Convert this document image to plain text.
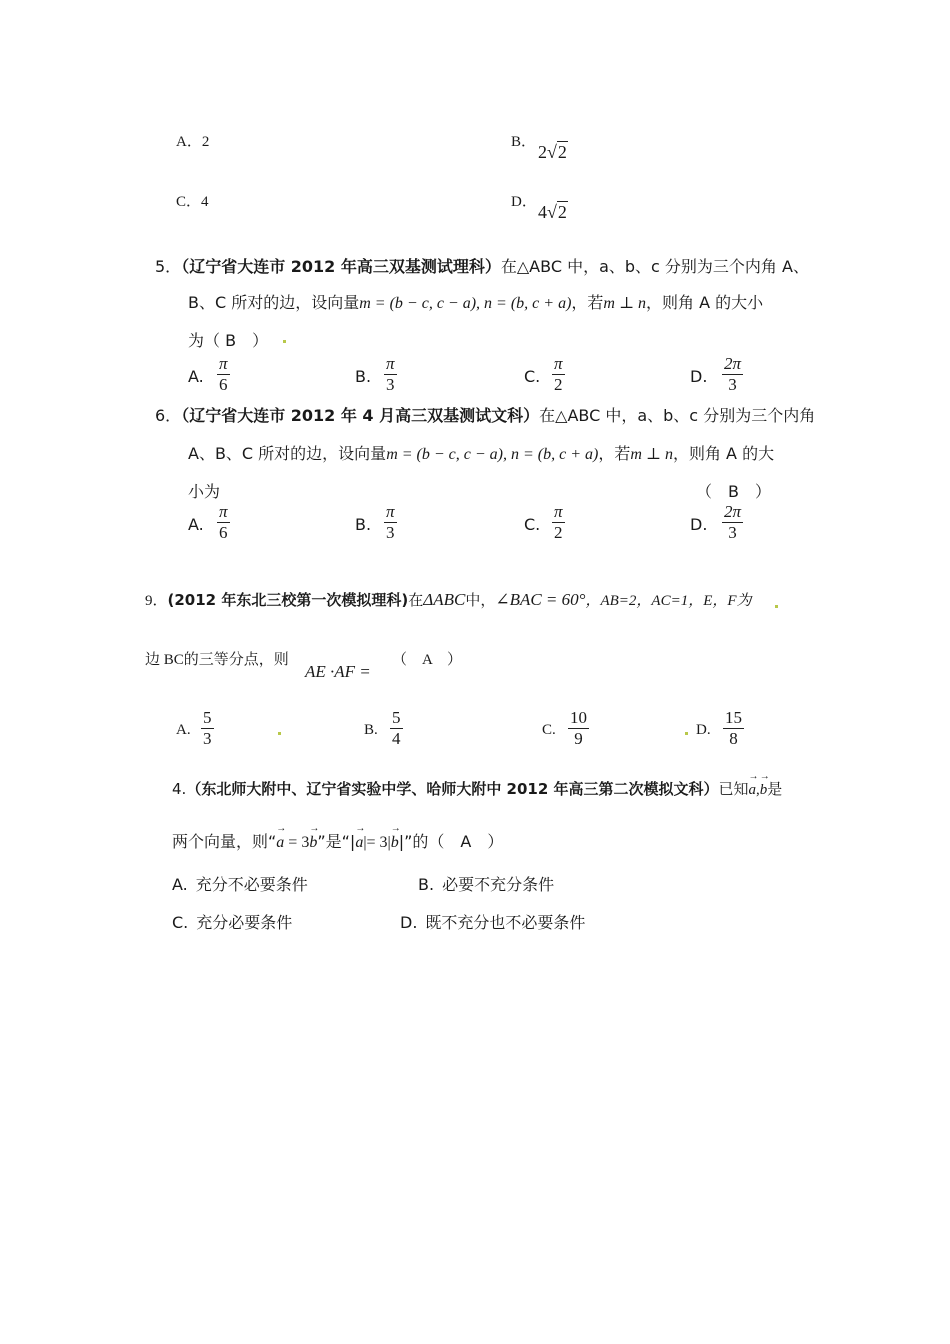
A．2	B． 2√2
C．4	D． 4√2
5．（辽宁省大连市 2012 年高三双基测试理科）在△ABC 中，a、b、c 分别为三个内角 A、
B、C 所对的边，设向量m = (b − c, c − a), n = (b, c + a)，若m ⊥ n，则角 A 的大小
为（ B　）
A. $\frac{\pi}{6}$	B. $\frac{\pi}{3}$	C. $\frac{\pi}{2}$	D. $\frac{2\pi}{3}$
6．（辽宁省大连市 2012 年 4 月高三双基测试文科）在△ABC 中，a、b、c 分别为三个内角
A、B、C 所对的边，设向量m = (b − c, c − a), n = (b, c + a)，若m ⊥ n，则角 A 的大
小为	（　B　）
A. $\frac{\pi}{6}$	B. $\frac{\pi}{3}$	C. $\frac{\pi}{2}$	D. $\frac{2\pi}{3}$
9．(2012 年东北三校第一次模拟理科)在ΔABC中，∠BAC = 60°，AB=2，AC=1，E，F为
边 BC的三等分点，则
AE ·AF =
（　A　）
A. $\frac{5}{3}$	B. $\frac{5}{4}$	C. $\frac{10}{9}$	D. $\frac{15}{8}$
4.（东北师大附中、辽宁省实验中学、哈师大附中 2012 年高三第二次模拟文科）已知→ a,→ b是
两个向量，则“→ a = 3→ b”是“|→ a|= 3|→ b|”的（　A　）
A. 充分不必要条件	B. 必要不充分条件
C. 充分必要条件	D. 既不充分也不必要条件
